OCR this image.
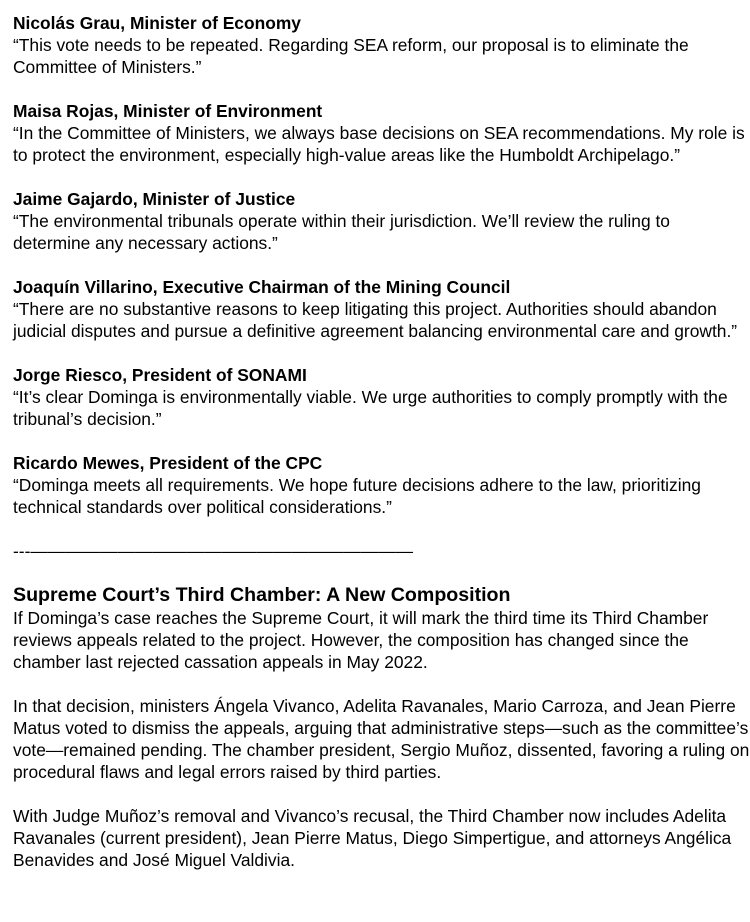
Nicolás Grau, Minister of Economy
“This vote needs to be repeated. Regarding SEA reform, our proposal is to eliminate the Committee of Ministers.”
Maisa Rojas, Minister of Environment
“In the Committee of Ministers, we always base decisions on SEA recommendations. My role is to protect the environment, especially high-value areas like the Humboldt Archipelago.”
Jaime Gajardo, Minister of Justice
“The environmental tribunals operate within their jurisdiction. We’ll review the ruling to determine any necessary actions.”
Joaquín Villarino, Executive Chairman of the Mining Council
“There are no substantive reasons to keep litigating this project. Authorities should abandon judicial disputes and pursue a definitive agreement balancing environmental care and growth.”
Jorge Riesco, President of SONAMI
“It’s clear Dominga is environmentally viable. We urge authorities to comply promptly with the tribunal’s decision.”
Ricardo Mewes, President of the CPC
“Dominga meets all requirements. We hope future decisions adhere to the law, prioritizing technical standards over political considerations.”
---——————————————————————
Supreme Court’s Third Chamber: A New Composition
If Dominga’s case reaches the Supreme Court, it will mark the third time its Third Chamber reviews appeals related to the project. However, the composition has changed since the chamber last rejected cassation appeals in May 2022.
In that decision, ministers Ángela Vivanco, Adelita Ravanales, Mario Carroza, and Jean Pierre Matus voted to dismiss the appeals, arguing that administrative steps—such as the committee’s vote—remained pending. The chamber president, Sergio Muñoz, dissented, favoring a ruling on procedural flaws and legal errors raised by third parties.
With Judge Muñoz’s removal and Vivanco’s recusal, the Third Chamber now includes Adelita Ravanales (current president), Jean Pierre Matus, Diego Simpertigue, and attorneys Angélica Benavides and José Miguel Valdivia.
